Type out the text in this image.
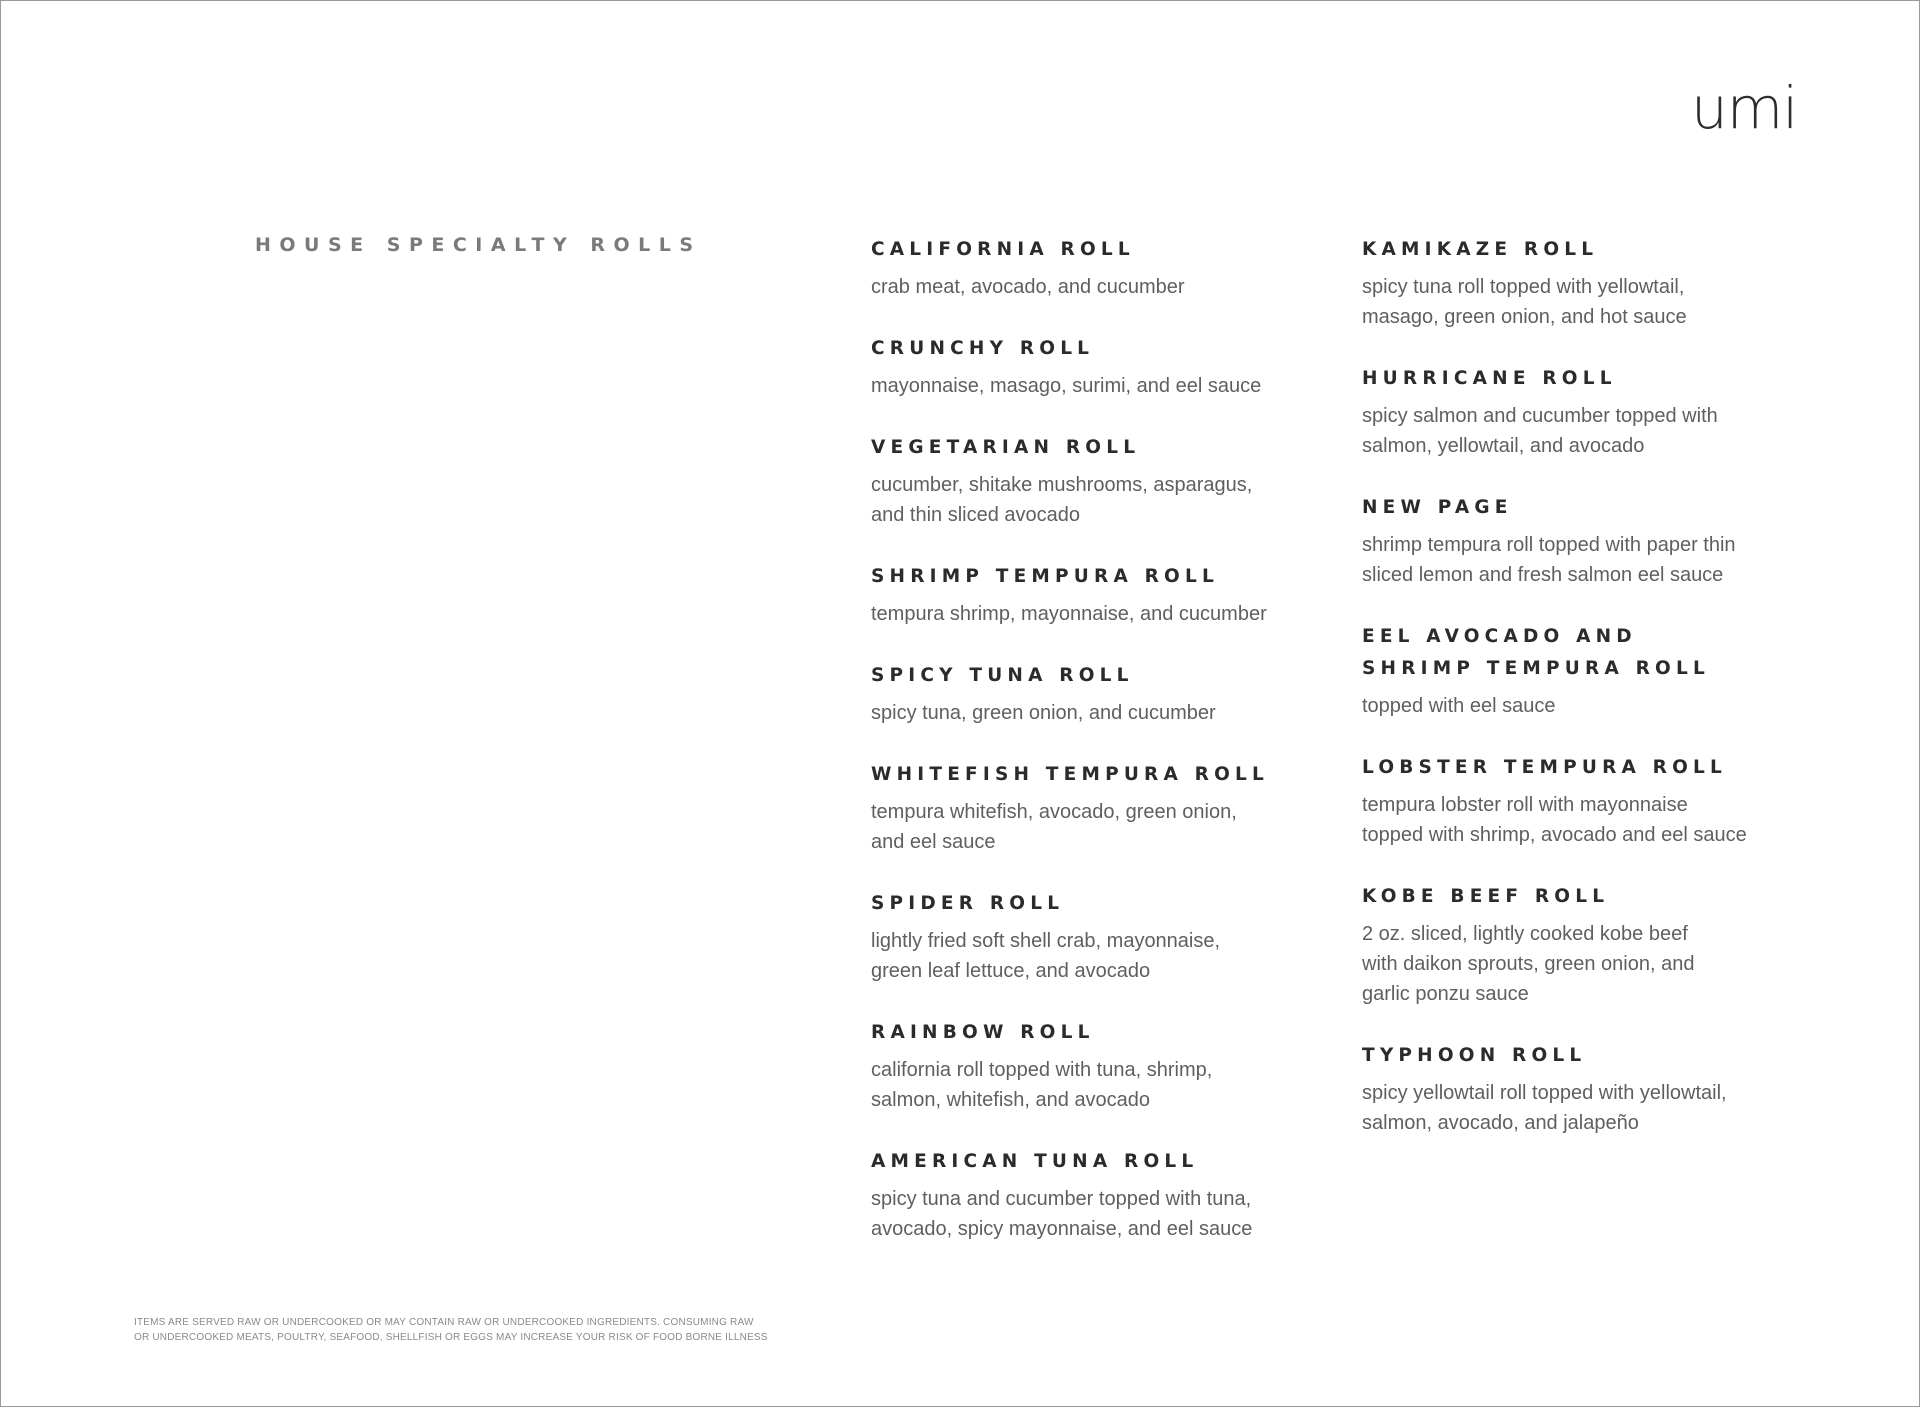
umi
HOUSE SPECIALTY ROLLS	CALIFORNIA ROLL
crab meat, avocado, and cucumber
CRUNCHY ROLL
mayonnaise, masago, surimi, and eel sauce
VEGETARIAN ROLL
cucumber, shitake mushrooms, asparagus,
and thin sliced avocado
SHRIMP TEMPURA ROLL
tempura shrimp, mayonnaise, and cucumber
SPICY TUNA ROLL
spicy tuna, green onion, and cucumber
WHITEFISH TEMPURA ROLL
tempura whitefish, avocado, green onion,
and eel sauce
SPIDER ROLL
lightly fried soft shell crab, mayonnaise,
green leaf lettuce, and avocado
RAINBOW ROLL
california roll topped with tuna, shrimp,
salmon, whitefish, and avocado
AMERICAN TUNA ROLL
spicy tuna and cucumber topped with tuna,
avocado, spicy mayonnaise, and eel sauce
KAMIKAZE ROLL
spicy tuna roll topped with yellowtail,
masago, green onion, and hot sauce
HURRICANE ROLL
spicy salmon and cucumber topped with
salmon, yellowtail, and avocado
NEW PAGE
shrimp tempura roll topped with paper thin
sliced lemon and fresh salmon eel sauce
EEL AVOCADO AND
SHRIMP TEMPURA ROLL
topped with eel sauce
LOBSTER TEMPURA ROLL
tempura lobster roll with mayonnaise
topped with shrimp, avocado and eel sauce
KOBE BEEF ROLL
2 oz. sliced, lightly cooked kobe beef
with daikon sprouts, green onion, and
garlic ponzu sauce
TYPHOON ROLL
spicy yellowtail roll topped with yellowtail,
salmon, avocado, and jalapeño
ITEMS ARE SERVED RAW OR UNDERCOOKED OR MAY CONTAIN RAW OR UNDERCOOKED INGREDIENTS. CONSUMING RAW
OR UNDERCOOKED MEATS, POULTRY, SEAFOOD, SHELLFISH OR EGGS MAY INCREASE YOUR RISK OF FOOD BORNE ILLNESS
